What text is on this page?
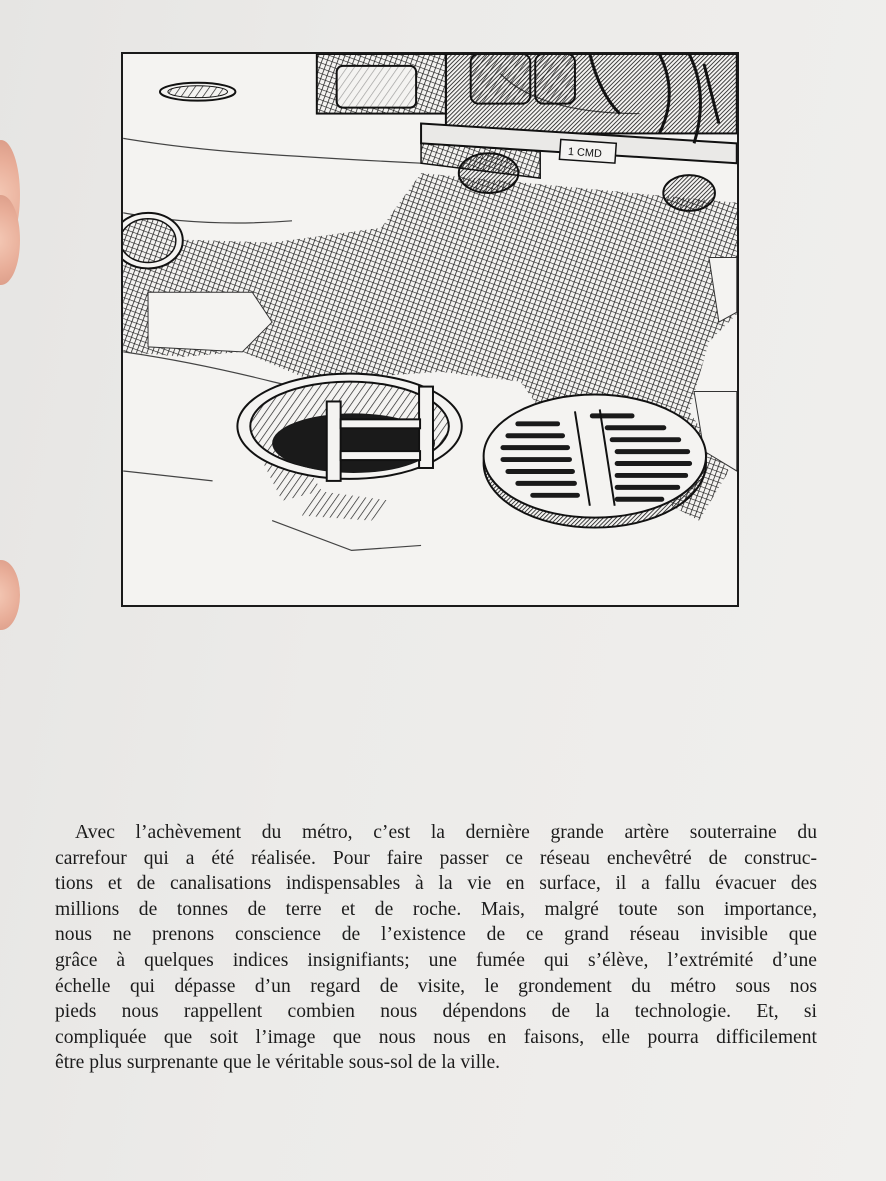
1 CMD

Avec l’achèvement du métro, c’est la dernière grande artère souterraine du
carrefour qui a été réalisée. Pour faire passer ce réseau enchevêtré de construc-
tions et de canalisations indispensables à la vie en surface, il a fallu évacuer des
millions de tonnes de terre et de roche. Mais, malgré toute son importance,
nous ne prenons conscience de l’existence de ce grand réseau invisible que
grâce à quelques indices insignifiants; une fumée qui s’élève, l’extrémité d’une
échelle qui dépasse d’un regard de visite, le grondement du métro sous nos
pieds nous rappellent combien nous dépendons de la technologie. Et, si
compliquée que soit l’image que nous nous en faisons, elle pourra difficilement
être plus surprenante que le véritable sous-sol de la ville.
